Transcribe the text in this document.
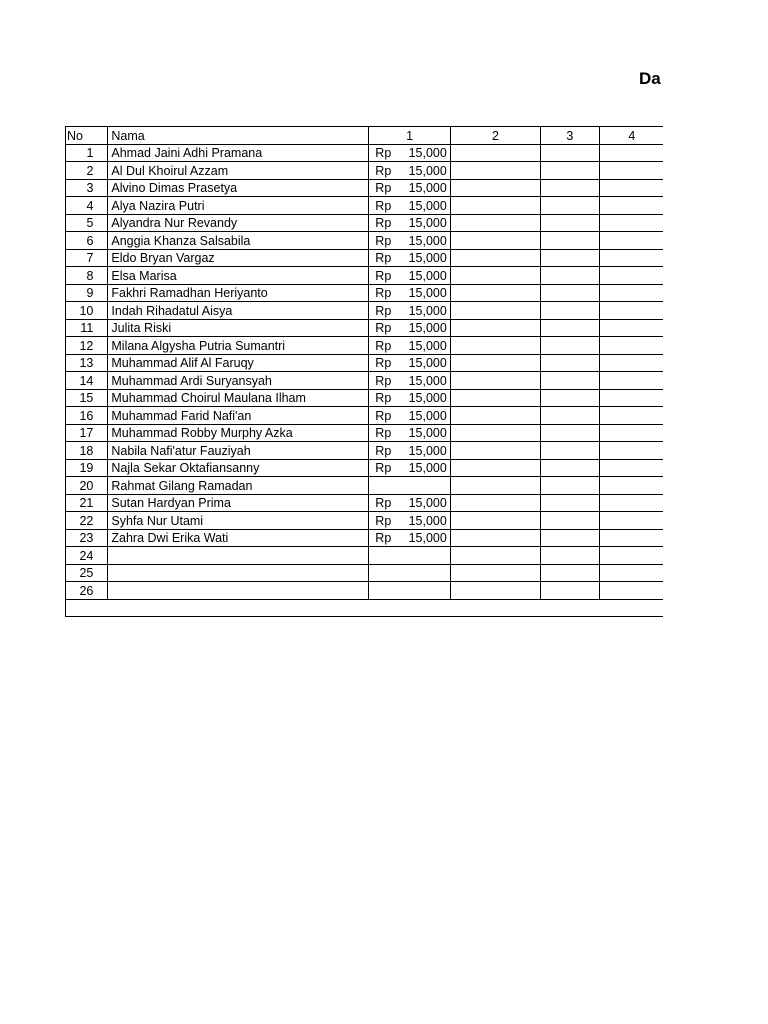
Da
No	Nama	1	2	3	4
1	Ahmad Jaini Adhi Pramana	Rp 15,000			

2	Al Dul Khoirul Azzam	Rp 15,000			

3	Alvino Dimas Prasetya	Rp 15,000			

4	Alya Nazira Putri	Rp 15,000			

5	Alyandra Nur Revandy	Rp 15,000			

6	Anggia Khanza Salsabila	Rp 15,000			

7	Eldo Bryan Vargaz	Rp 15,000			

8	Elsa Marisa	Rp 15,000			

9	Fakhri Ramadhan Heriyanto	Rp 15,000			

10	Indah Rihadatul Aisya	Rp 15,000			

11	Julita Riski	Rp 15,000			

12	Milana Algysha Putria Sumantri	Rp 15,000			

13	Muhammad Alif Al Faruqy	Rp 15,000			

14	Muhammad Ardi Suryansyah	Rp 15,000			

15	Muhammad Choirul Maulana Ilham	Rp 15,000			

16	Muhammad Farid Nafi'an	Rp 15,000			

17	Muhammad Robby Murphy Azka	Rp 15,000			

18	Nabila Nafi'atur Fauziyah	Rp 15,000			

19	Najla Sekar Oktafiansanny	Rp 15,000			

20	Rahmat Gilang Ramadan	

21	Sutan Hardyan Prima	Rp 15,000			

22	Syhfa Nur Utami	Rp 15,000			

23	Zahra Dwi Erika Wati	Rp 15,000			

24		

25		

26		
